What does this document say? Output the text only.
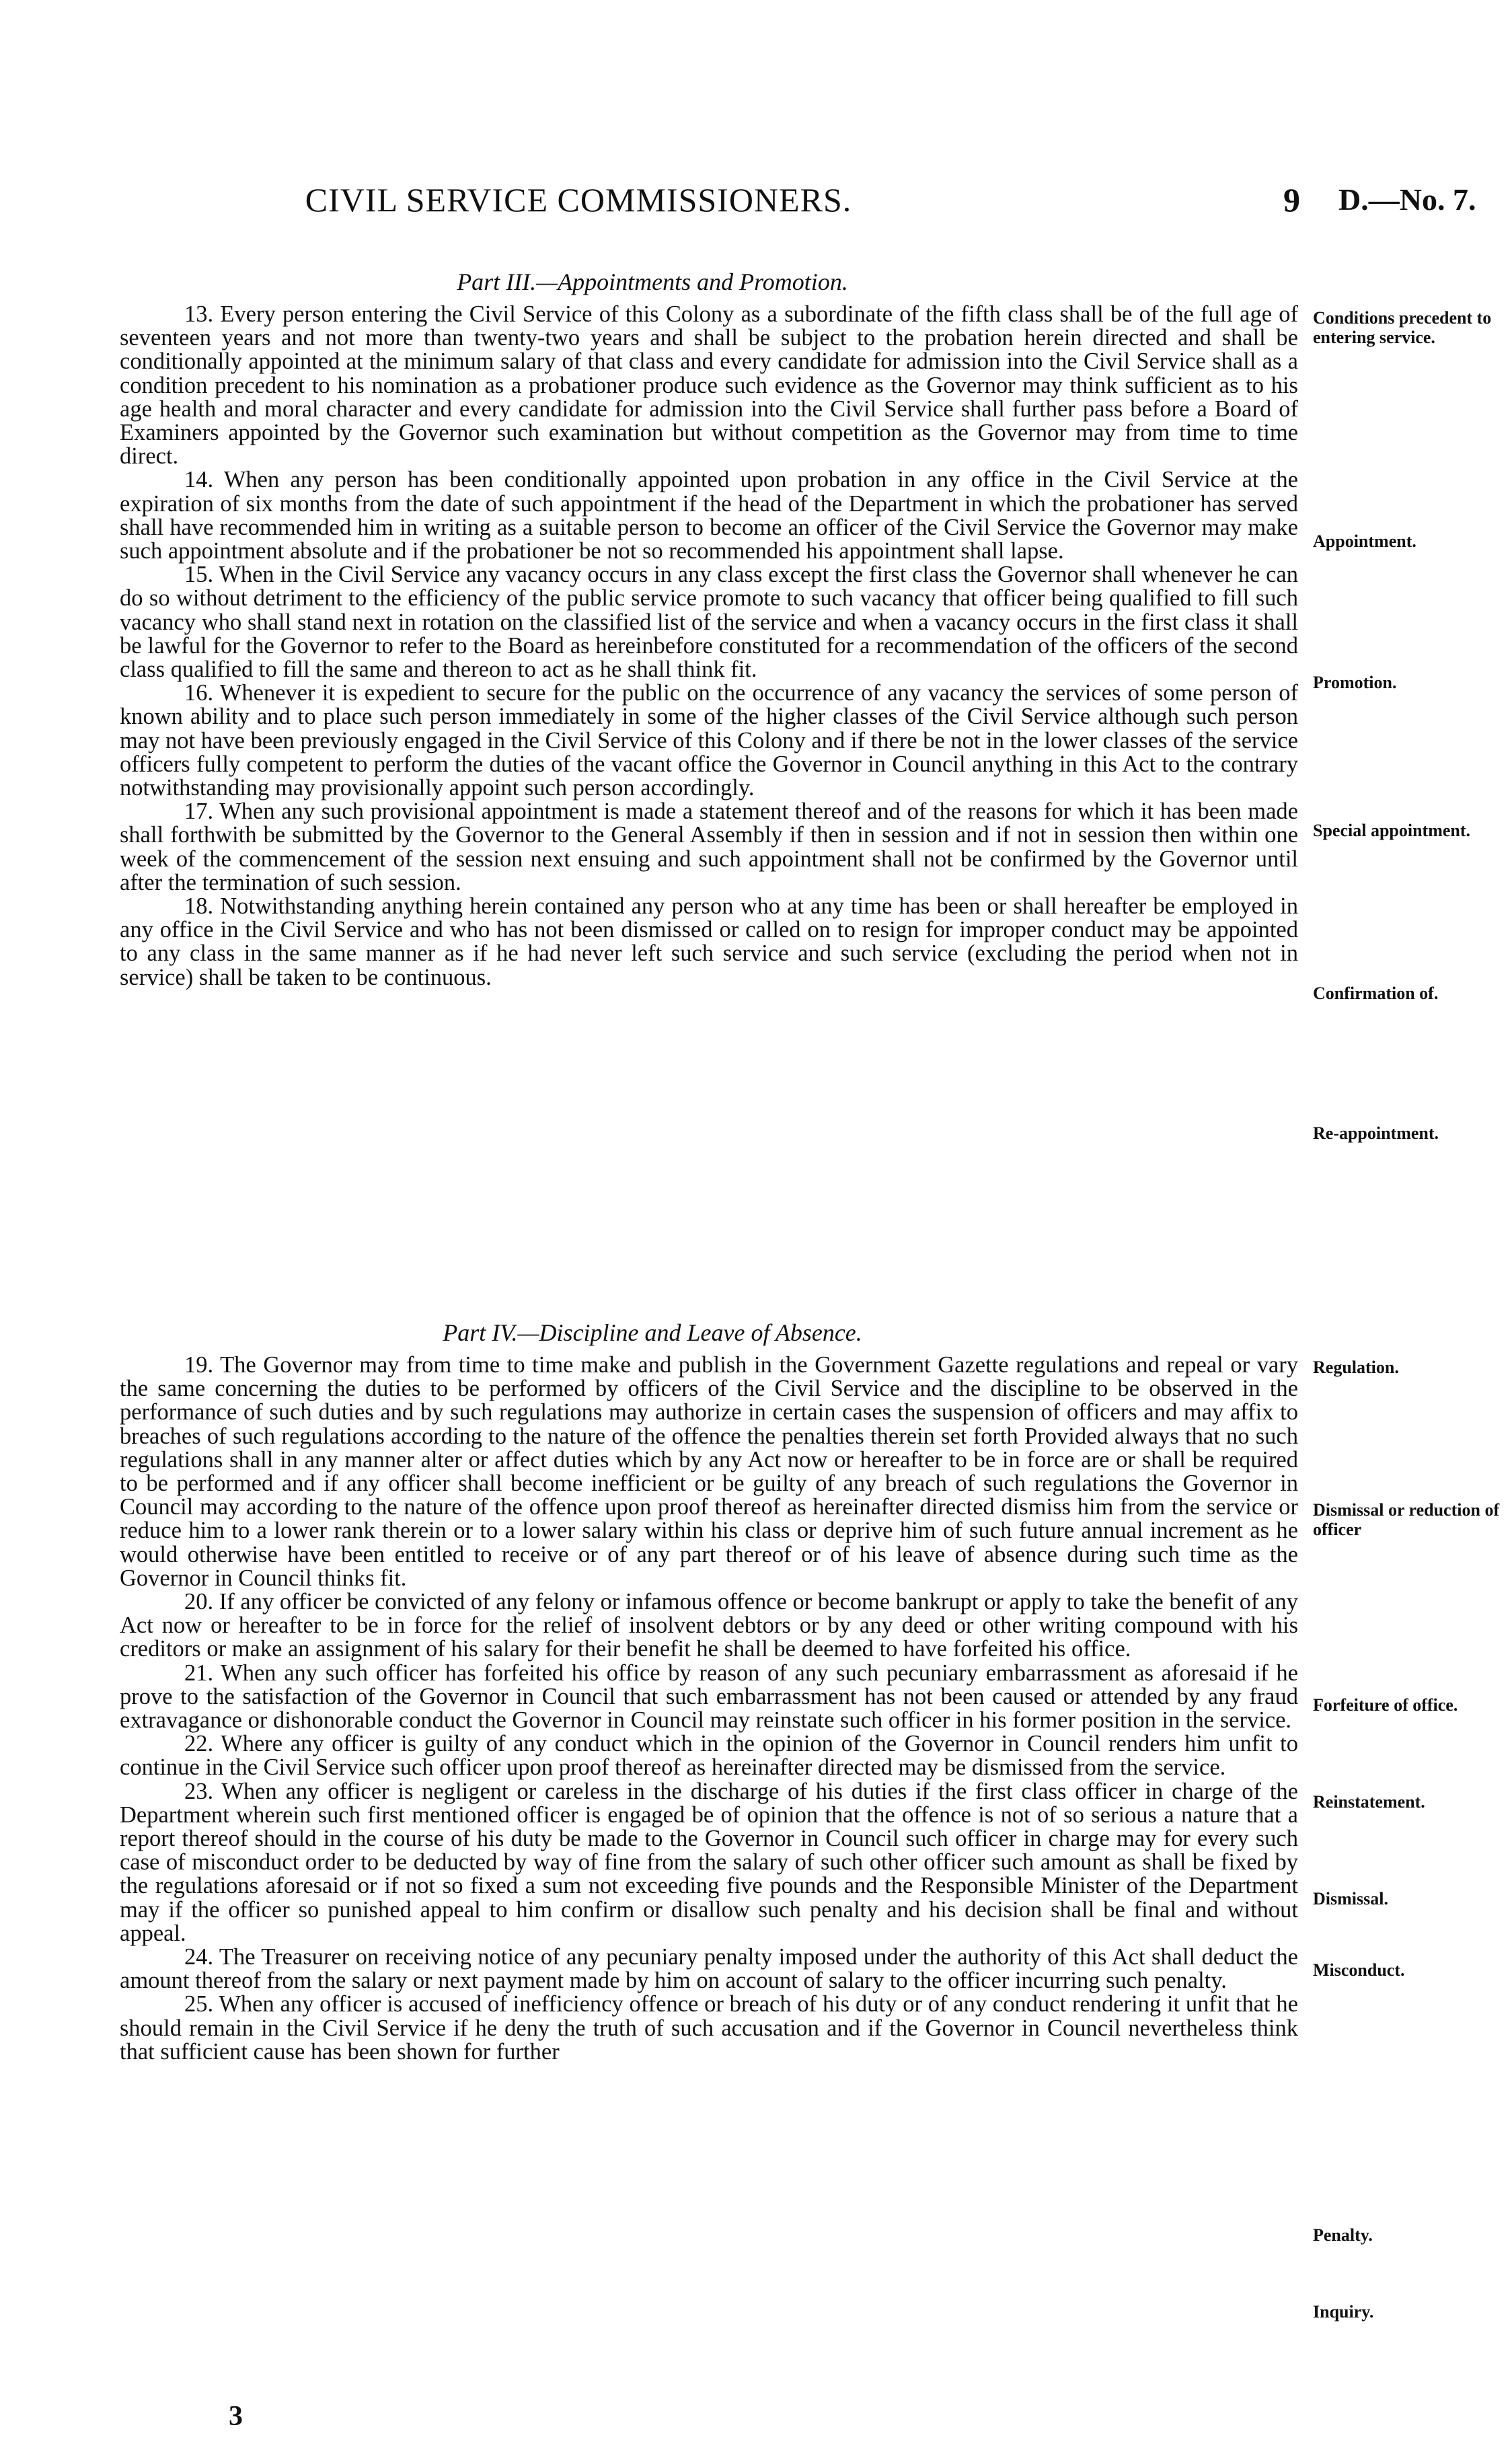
CIVIL SERVICE COMMISSIONERS.	9 D.—No. 7.
Part III.—Appointments and Promotion.

13. Every person entering the Civil Service of this Colony as a subordinate of the fifth class shall be of the full age of seventeen years and not more than twenty-two years and shall be subject to the probation herein directed and shall be conditionally appointed at the minimum salary of that class and every candidate for admission into the Civil Service shall as a condition precedent to his nomination as a probationer produce such evidence as the Governor may think sufficient as to his age health and moral character and every candidate for admission into the Civil Service shall further pass before a Board of Examiners appointed by the Governor such examination but without competition as the Governor may from time to time direct.

14. When any person has been conditionally appointed upon probation in any office in the Civil Service at the expiration of six months from the date of such appointment if the head of the Department in which the probationer has served shall have recommended him in writing as a suitable person to become an officer of the Civil Service the Governor may make such appointment absolute and if the probationer be not so recommended his appointment shall lapse.

15. When in the Civil Service any vacancy occurs in any class except the first class the Governor shall whenever he can do so without detriment to the efficiency of the public service promote to such vacancy that officer being qualified to fill such vacancy who shall stand next in rotation on the classified list of the service and when a vacancy occurs in the first class it shall be lawful for the Governor to refer to the Board as hereinbefore constituted for a recommendation of the officers of the second class qualified to fill the same and thereon to act as he shall think fit.

16. Whenever it is expedient to secure for the public on the occurrence of any vacancy the services of some person of known ability and to place such person immediately in some of the higher classes of the Civil Service although such person may not have been previously engaged in the Civil Service of this Colony and if there be not in the lower classes of the service officers fully competent to perform the duties of the vacant office the Governor in Council anything in this Act to the contrary notwithstanding may provisionally appoint such person accordingly.

17. When any such provisional appointment is made a statement thereof and of the reasons for which it has been made shall forthwith be submitted by the Governor to the General Assembly if then in session and if not in session then within one week of the commencement of the session next ensuing and such appointment shall not be confirmed by the Governor until after the termination of such session.

18. Notwithstanding anything herein contained any person who at any time has been or shall hereafter be employed in any office in the Civil Service and who has not been dismissed or called on to resign for improper conduct may be appointed to any class in the same manner as if he had never left such service and such service (excluding the period when not in service) shall be taken to be continuous.

Part IV.—Discipline and Leave of Absence.

19. The Governor may from time to time make and publish in the Government Gazette regulations and repeal or vary the same concerning the duties to be performed by officers of the Civil Service and the discipline to be observed in the performance of such duties and by such regulations may authorize in certain cases the suspension of officers and may affix to breaches of such regulations according to the nature of the offence the penalties therein set forth Provided always that no such regulations shall in any manner alter or affect duties which by any Act now or hereafter to be in force are or shall be required to be performed and if any officer shall become inefficient or be guilty of any breach of such regulations the Governor in Council may according to the nature of the offence upon proof thereof as hereinafter directed dismiss him from the service or reduce him to a lower rank therein or to a lower salary within his class or deprive him of such future annual increment as he would otherwise have been entitled to receive or of any part thereof or of his leave of absence during such time as the Governor in Council thinks fit.

20. If any officer be convicted of any felony or infamous offence or become bankrupt or apply to take the benefit of any Act now or hereafter to be in force for the relief of insolvent debtors or by any deed or other writing compound with his creditors or make an assignment of his salary for their benefit he shall be deemed to have forfeited his office.

21. When any such officer has forfeited his office by reason of any such pecuniary embarrassment as aforesaid if he prove to the satisfaction of the Governor in Council that such embarrassment has not been caused or attended by any fraud extravagance or dishonorable conduct the Governor in Council may reinstate such officer in his former position in the service.

22. Where any officer is guilty of any conduct which in the opinion of the Governor in Council renders him unfit to continue in the Civil Service such officer upon proof thereof as hereinafter directed may be dismissed from the service.

23. When any officer is negligent or careless in the discharge of his duties if the first class officer in charge of the Department wherein such first mentioned officer is engaged be of opinion that the offence is not of so serious a nature that a report thereof should in the course of his duty be made to the Governor in Council such officer in charge may for every such case of misconduct order to be deducted by way of fine from the salary of such other officer such amount as shall be fixed by the regulations aforesaid or if not so fixed a sum not exceeding five pounds and the Responsible Minister of the Department may if the officer so punished appeal to him confirm or disallow such penalty and his decision shall be final and without appeal.

24. The Treasurer on receiving notice of any pecuniary penalty imposed under the authority of this Act shall deduct the amount thereof from the salary or next payment made by him on account of salary to the officer incurring such penalty.

25. When any officer is accused of inefficiency offence or breach of his duty or of any conduct rendering it unfit that he should remain in the Civil Service if he deny the truth of such accusation and if the Governor in Council nevertheless think that sufficient cause has been shown for further

Conditions precedent to entering service.
Appointment.
Promotion.
Special appointment.
Confirmation of.
Re-appointment.
Regulation.
Dismissal or reduction of officer
Forfeiture of office.
Reinstatement.
Dismissal.
Misconduct.
Penalty.
Inquiry.
3
